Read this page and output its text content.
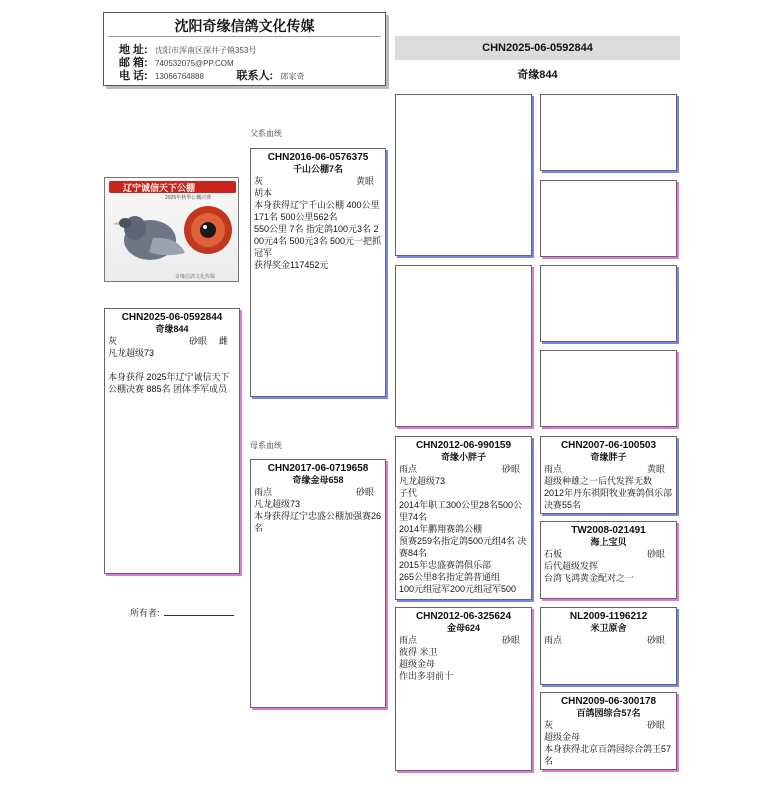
沈阳奇缘信鸽文化传媒
地 址: 沈阳市浑南区深井子镇353号
邮 箱: 740532075@PP.COM
电 话: 13066764888	联系人: 郎家奇
CHN2025-06-0592844
奇缘844
父系血统
母系血统
辽宁诚信天下公棚
2025年秋季公棚决赛
奇缘信鸽文化传媒
CHN2025-06-0592844
奇缘844
灰	砂眼 雌
凡龙超级73

本身获得 2025年辽宁诚信天下公棚决赛 885名 团体季军成员
CHN2016-06-0576375
千山公棚7名
灰	黄眼
胡本
本身获得辽宁千山公棚 400公里171名 500公里562名
550公里 7名 指定鸽100元3名 200元4名 500元3名 500元一把抓冠军
获得奖金117452元
CHN2017-06-0719658
奇缘金母658
雨点	砂眼
凡龙超级73
本身获得辽宁忠盛公棚加强赛26名
CHN2012-06-990159
奇缘小胖子
雨点	砂眼
凡龙超级73
子代
2014年职工300公里28名500公里74名
2014年鹏翔赛鸽公棚
预赛259名指定鸽500元组4名 决赛84名
2015年忠盛赛鸽俱乐部
265公里8名指定鸽普通组
100元组冠军200元组冠军500
CHN2012-06-325624
金母624
雨点	砂眼
彼得 米卫
超级金母
作出多羽前十
CHN2007-06-100503
奇缘胖子
雨点	黄眼
超级种雄之一后代发挥无数
2012年丹东祺阳牧业赛鸽俱乐部决赛55名
TW2008-021491
海上宝贝
石板	砂眼
后代超级发挥
台湾飞鸿黄金配对之一
NL2009-1196212
米卫原舍
雨点	砂眼
CHN2009-06-300178
百鸽园综合57名
灰	砂眼
超级金母
本身获得北京百鸽园综合鸽王57名
所有者:
